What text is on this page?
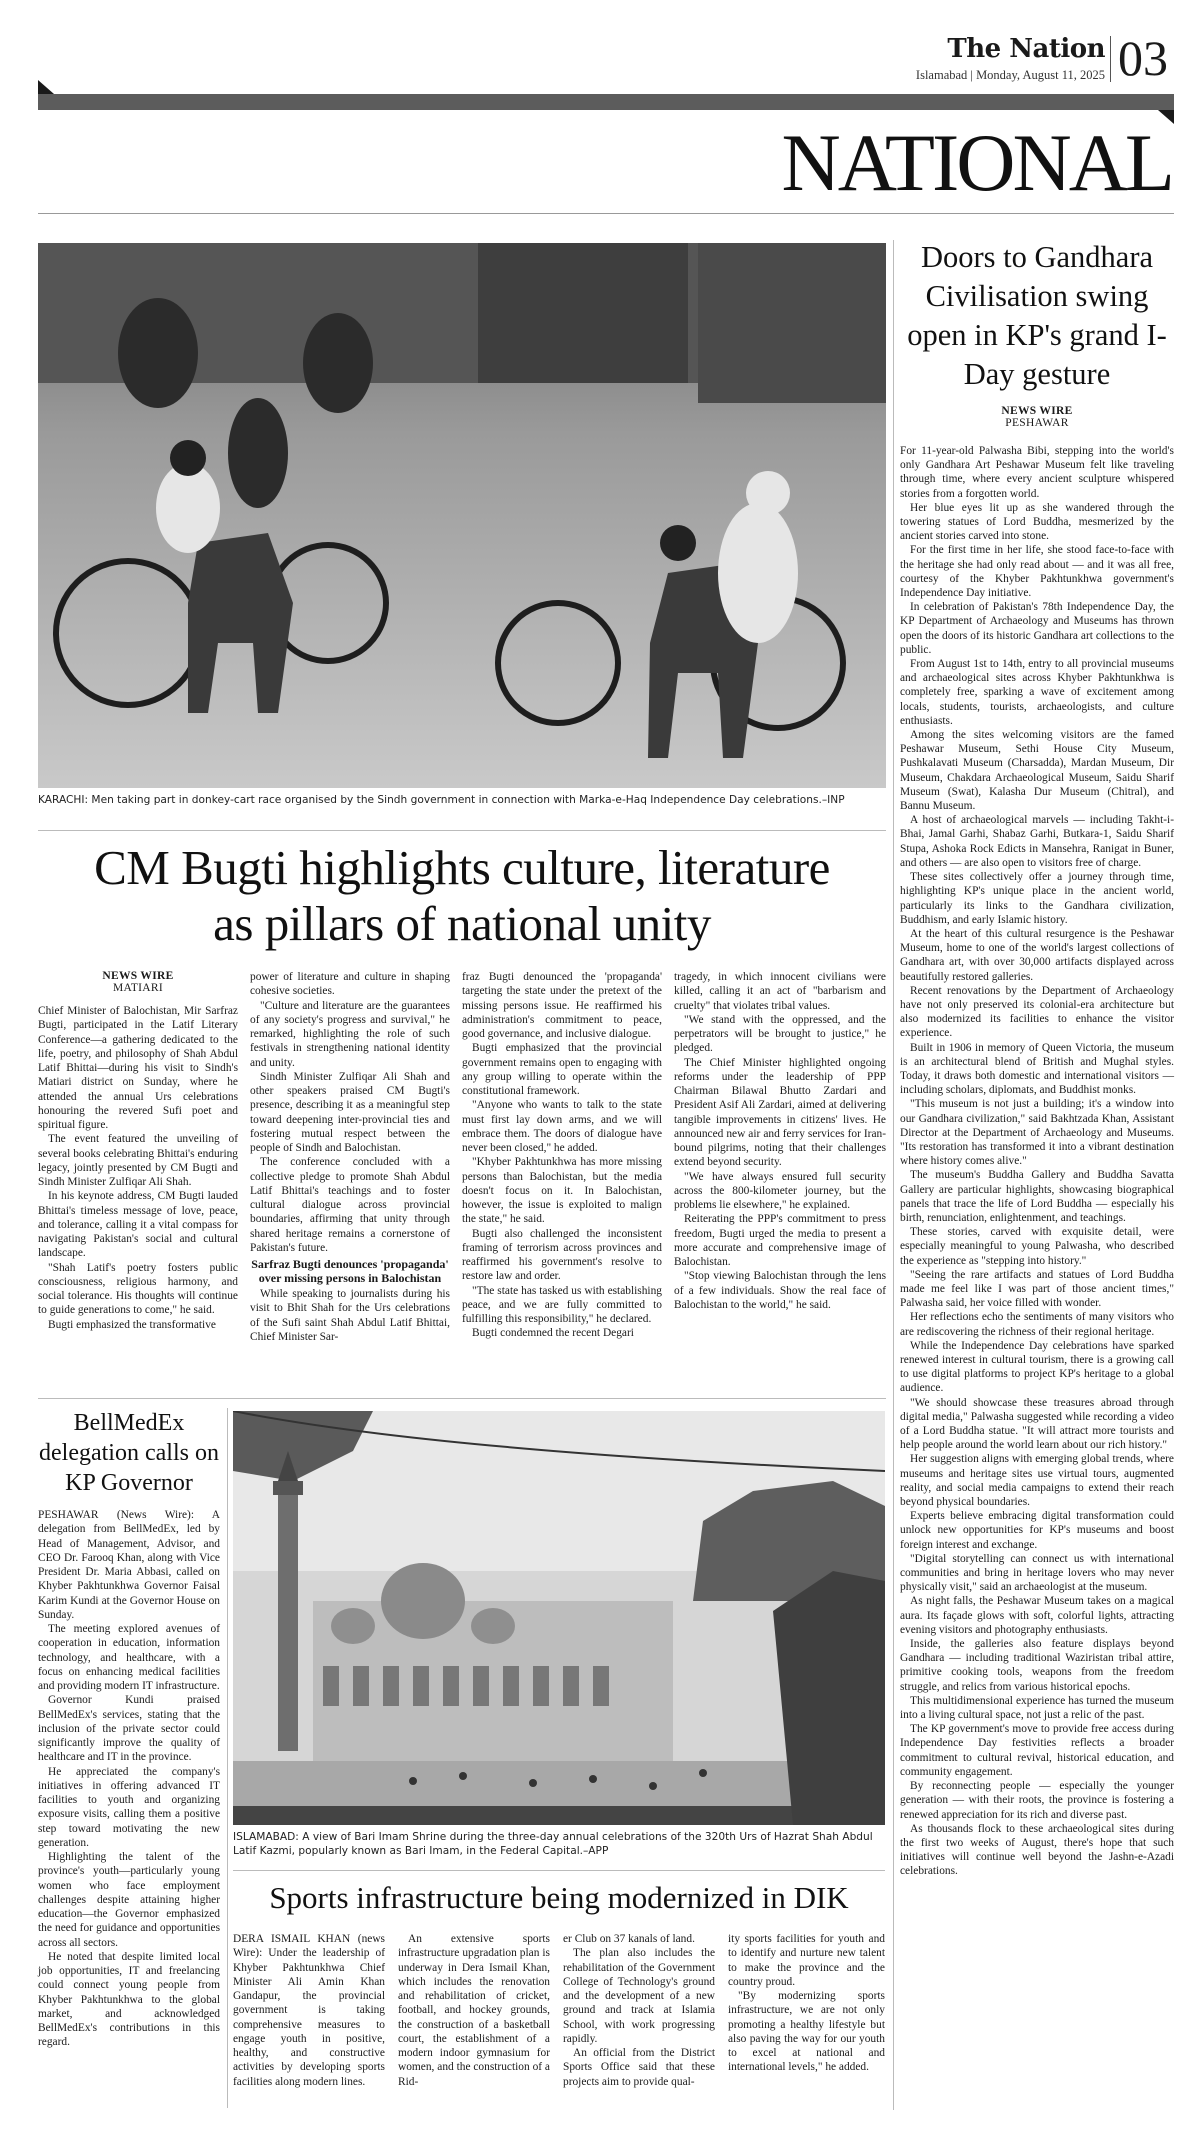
The Nation
Islamabad | Monday, August 11, 2025 03
NATIONAL
KARACHI: Men taking part in donkey-cart race organised by the Sindh government in connection with Marka-e-Haq Independence Day celebrations.–INP
CM Bugti highlights culture, literature
as pillars of national unity
NEWS WIRE
MATIARI

Chief Minister of Balochistan, Mir Sarfraz Bugti, participated in the Latif Literary Conference—a gathering dedicated to the life, poetry, and philosophy of Shah Abdul Latif Bhittai—during his visit to Sindh's Matiari district on Sunday, where he attended the annual Urs celebrations honouring the revered Sufi poet and spiritual figure.

The event featured the unveiling of several books celebrating Bhittai's enduring legacy, jointly presented by CM Bugti and Sindh Minister Zulfiqar Ali Shah.

In his keynote address, CM Bugti lauded Bhittai's timeless message of love, peace, and tolerance, calling it a vital compass for navigating Pakistan's social and cultural landscape.

"Shah Latif's poetry fosters public consciousness, religious harmony, and social tolerance. His thoughts will continue to guide generations to come," he said.

Bugti emphasized the transformative

power of literature and culture in shaping cohesive societies.

"Culture and literature are the guarantees of any society's progress and survival," he remarked, highlighting the role of such festivals in strengthening national identity and unity.

Sindh Minister Zulfiqar Ali Shah and other speakers praised CM Bugti's presence, describing it as a meaningful step toward deepening inter-provincial ties and fostering mutual respect between the people of Sindh and Balochistan.

The conference concluded with a collective pledge to promote Shah Abdul Latif Bhittai's teachings and to foster cultural dialogue across provincial boundaries, affirming that unity through shared heritage remains a cornerstone of Pakistan's future.

Sarfraz Bugti denounces 'propaganda' over missing persons in Balochistan

While speaking to journalists during his visit to Bhit Shah for the Urs celebrations of the Sufi saint Shah Abdul Latif Bhittai, Chief Minister Sar-

fraz Bugti denounced the 'propaganda' targeting the state under the pretext of the missing persons issue. He reaffirmed his administration's commitment to peace, good governance, and inclusive dialogue.

Bugti emphasized that the provincial government remains open to engaging with any group willing to operate within the constitutional framework.

"Anyone who wants to talk to the state must first lay down arms, and we will embrace them. The doors of dialogue have never been closed," he added.

"Khyber Pakhtunkhwa has more missing persons than Balochistan, but the media doesn't focus on it. In Balochistan, however, the issue is exploited to malign the state," he said.

Bugti also challenged the inconsistent framing of terrorism across provinces and reaffirmed his government's resolve to restore law and order.

"The state has tasked us with establishing peace, and we are fully committed to fulfilling this responsibility," he declared.

Bugti condemned the recent Degari

tragedy, in which innocent civilians were killed, calling it an act of "barbarism and cruelty" that violates tribal values.

"We stand with the oppressed, and the perpetrators will be brought to justice," he pledged.

The Chief Minister highlighted ongoing reforms under the leadership of PPP Chairman Bilawal Bhutto Zardari and President Asif Ali Zardari, aimed at delivering tangible improvements in citizens' lives. He announced new air and ferry services for Iran-bound pilgrims, noting that their challenges extend beyond security.

"We have always ensured full security across the 800-kilometer journey, but the problems lie elsewhere," he explained.

Reiterating the PPP's commitment to press freedom, Bugti urged the media to present a more accurate and comprehensive image of Balochistan.

"Stop viewing Balochistan through the lens of a few individuals. Show the real face of Balochistan to the world," he said.

Doors to Gandhara Civilisation swing open in KP's grand I-Day gesture
NEWS WIRE
PESHAWAR

For 11-year-old Palwasha Bibi, stepping into the world's only Gandhara Art Peshawar Museum felt like traveling through time, where every ancient sculpture whispered stories from a forgotten world.

Her blue eyes lit up as she wandered through the towering statues of Lord Buddha, mesmerized by the ancient stories carved into stone.

For the first time in her life, she stood face-to-face with the heritage she had only read about — and it was all free, courtesy of the Khyber Pakhtunkhwa government's Independence Day initiative.

In celebration of Pakistan's 78th Independence Day, the KP Department of Archaeology and Museums has thrown open the doors of its historic Gandhara art collections to the public.

From August 1st to 14th, entry to all provincial museums and archaeological sites across Khyber Pakhtunkhwa is completely free, sparking a wave of excitement among locals, students, tourists, archaeologists, and culture enthusiasts.

Among the sites welcoming visitors are the famed Peshawar Museum, Sethi House City Museum, Pushkalavati Museum (Charsadda), Mardan Museum, Dir Museum, Chakdara Archaeological Museum, Saidu Sharif Museum (Swat), Kalasha Dur Museum (Chitral), and Bannu Museum.

A host of archaeological marvels — including Takht-i-Bhai, Jamal Garhi, Shabaz Garhi, Butkara-1, Saidu Sharif Stupa, Ashoka Rock Edicts in Mansehra, Ranigat in Buner, and others — are also open to visitors free of charge.

These sites collectively offer a journey through time, highlighting KP's unique place in the ancient world, particularly its links to the Gandhara civilization, Buddhism, and early Islamic history.

At the heart of this cultural resurgence is the Peshawar Museum, home to one of the world's largest collections of Gandhara art, with over 30,000 artifacts displayed across beautifully restored galleries.

Recent renovations by the Department of Archaeology have not only preserved its colonial-era architecture but also modernized its facilities to enhance the visitor experience.

Built in 1906 in memory of Queen Victoria, the museum is an architectural blend of British and Mughal styles. Today, it draws both domestic and international visitors — including scholars, diplomats, and Buddhist monks.

"This museum is not just a building; it's a window into our Gandhara civilization," said Bakhtzada Khan, Assistant Director at the Department of Archaeology and Museums. "Its restoration has transformed it into a vibrant destination where history comes alive."

The museum's Buddha Gallery and Buddha Savatta Gallery are particular highlights, showcasing biographical panels that trace the life of Lord Buddha — especially his birth, renunciation, enlightenment, and teachings.

These stories, carved with exquisite detail, were especially meaningful to young Palwasha, who described the experience as "stepping into history."

"Seeing the rare artifacts and statues of Lord Buddha made me feel like I was part of those ancient times," Palwasha said, her voice filled with wonder.

Her reflections echo the sentiments of many visitors who are rediscovering the richness of their regional heritage.

While the Independence Day celebrations have sparked renewed interest in cultural tourism, there is a growing call to use digital platforms to project KP's heritage to a global audience.

"We should showcase these treasures abroad through digital media," Palwasha suggested while recording a video of a Lord Buddha statue. "It will attract more tourists and help people around the world learn about our rich history."

Her suggestion aligns with emerging global trends, where museums and heritage sites use virtual tours, augmented reality, and social media campaigns to extend their reach beyond physical boundaries.

Experts believe embracing digital transformation could unlock new opportunities for KP's museums and boost foreign interest and exchange.

"Digital storytelling can connect us with international communities and bring in heritage lovers who may never physically visit," said an archaeologist at the museum.

As night falls, the Peshawar Museum takes on a magical aura. Its façade glows with soft, colorful lights, attracting evening visitors and photography enthusiasts.

Inside, the galleries also feature displays beyond Gandhara — including traditional Waziristan tribal attire, primitive cooking tools, weapons from the freedom struggle, and relics from various historical epochs.

This multidimensional experience has turned the museum into a living cultural space, not just a relic of the past.

The KP government's move to provide free access during Independence Day festivities reflects a broader commitment to cultural revival, historical education, and community engagement.

By reconnecting people — especially the younger generation — with their roots, the province is fostering a renewed appreciation for its rich and diverse past.

As thousands flock to these archaeological sites during the first two weeks of August, there's hope that such initiatives will continue well beyond the Jashn-e-Azadi celebrations.

BellMedEx delegation calls on KP Governor

PESHAWAR (News Wire): A delegation from BellMedEx, led by Head of Management, Advisor, and CEO Dr. Farooq Khan, along with Vice President Dr. Maria Abbasi, called on Khyber Pakhtunkhwa Governor Faisal Karim Kundi at the Governor House on Sunday.

The meeting explored avenues of cooperation in education, information technology, and healthcare, with a focus on enhancing medical facilities and providing modern IT infrastructure.

Governor Kundi praised BellMedEx's services, stating that the inclusion of the private sector could significantly improve the quality of healthcare and IT in the province.

He appreciated the company's initiatives in offering advanced IT facilities to youth and organizing exposure visits, calling them a positive step toward motivating the new generation.

Highlighting the talent of the province's youth—particularly young women who face employment challenges despite attaining higher education—the Governor emphasized the need for guidance and opportunities across all sectors.

He noted that despite limited local job opportunities, IT and freelancing could connect young people from Khyber Pakhtunkhwa to the global market, and acknowledged BellMedEx's contributions in this regard.

ISLAMABAD: A view of Bari Imam Shrine during the three-day annual celebrations of the 320th Urs of Hazrat Shah Abdul Latif Kazmi, popularly known as Bari Imam, in the Federal Capital.–APP
Sports infrastructure being modernized in DIK

DERA ISMAIL KHAN (news Wire): Under the leadership of Khyber Pakhtunkhwa Chief Minister Ali Amin Khan Gandapur, the provincial government is taking comprehensive measures to engage youth in positive, healthy, and constructive activities by developing sports facilities along modern lines.

An extensive sports infrastructure upgradation plan is underway in Dera Ismail Khan, which includes the renovation and rehabilitation of cricket, football, and hockey grounds, the construction of a basketball court, the establishment of a modern indoor gymnasium for women, and the construction of a Rid-

er Club on 37 kanals of land.

The plan also includes the rehabilitation of the Government College of Technology's ground and the development of a new ground and track at Islamia School, with work progressing rapidly.

An official from the District Sports Office said that these projects aim to provide qual-

ity sports facilities for youth and to identify and nurture new talent to make the province and the country proud.

"By modernizing sports infrastructure, we are not only promoting a healthy lifestyle but also paving the way for our youth to excel at national and international levels," he added.
